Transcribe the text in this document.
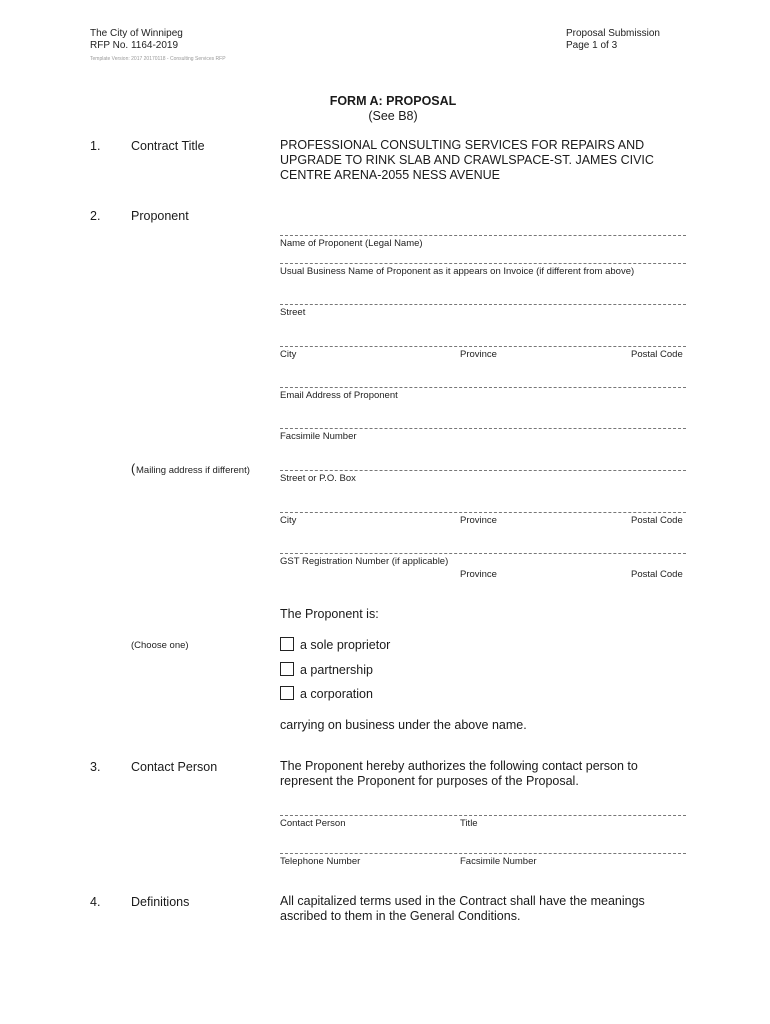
The City of Winnipeg
RFP No. 1164-2019
Template Version: 2017 20170118 - Consulting Services RFP
Proposal Submission
Page 1 of 3
FORM A: PROPOSAL
(See B8)
1. Contract Title	PROFESSIONAL CONSULTING SERVICES FOR REPAIRS AND
UPGRADE TO RINK SLAB AND CRAWLSPACE-ST. JAMES CIVIC
CENTRE ARENA-2055 NESS AVENUE
2. Proponent
Name of Proponent (Legal Name)
Usual Business Name of Proponent as it appears on Invoice (if different from above)
Street
City	Province	Postal Code
Email Address of Proponent
Facsimile Number
( Mailing address if different)
Street or P.O. Box
City	Province	Postal Code
GST Registration Number (if applicable)
Province	Postal Code
The Proponent is:
(Choose one)	a sole proprietor
a partnership
a corporation
carrying on business under the above name.
3. Contact Person	The Proponent hereby authorizes the following contact person to
represent the Proponent for purposes of the Proposal.
Contact Person	Title
Telephone Number	Facsimile Number
4. Definitions	All capitalized terms used in the Contract shall have the meanings
ascribed to them in the General Conditions.
